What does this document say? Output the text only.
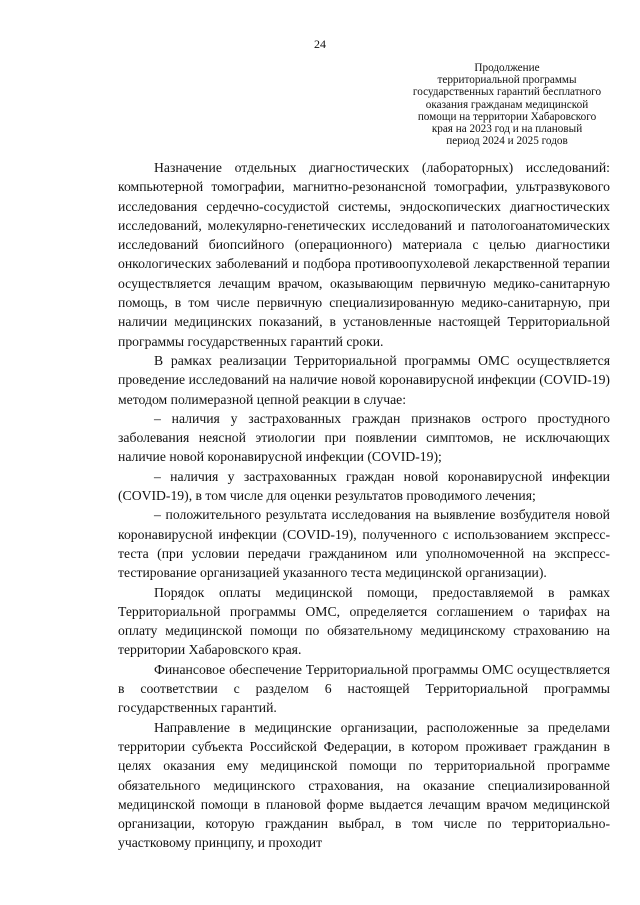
24
Продолжение
территориальной программы
государственных гарантий бесплатного
оказания гражданам медицинской
помощи на территории Хабаровского
края на 2023 год и на плановый
период 2024 и 2025 годов

Назначение отдельных диагностических (лабораторных) исследований: компьютерной томографии, магнитно-резонансной томографии, ультразвукового исследования сердечно-сосудистой системы, эндоскопических диагностических исследований, молекулярно-генетических исследований и патологоанатомических исследований биопсийного (операционного) материала с целью диагностики онкологических заболеваний и подбора противоопухолевой лекарственной терапии осуществляется лечащим врачом, оказывающим первичную медико-санитарную помощь, в том числе первичную специализированную медико-санитарную, при наличии медицинских показаний, в установленные настоящей Территориальной программы государственных гарантий сроки.

В рамках реализации Территориальной программы ОМС осуществляется проведение исследований на наличие новой коронавирусной инфекции (COVID-19) методом полимеразной цепной реакции в случае:

– наличия у застрахованных граждан признаков острого простудного заболевания неясной этиологии при появлении симптомов, не исключающих наличие новой коронавирусной инфекции (COVID-19);

– наличия у застрахованных граждан новой коронавирусной инфекции (COVID-19), в том числе для оценки результатов проводимого лечения;

– положительного результата исследования на выявление возбудителя новой коронавирусной инфекции (COVID-19), полученного с использованием экспресс-теста (при условии передачи гражданином или уполномоченной на экспресс-тестирование организацией указанного теста медицинской организации).

Порядок оплаты медицинской помощи, предоставляемой в рамках Территориальной программы ОМС, определяется соглашением о тарифах на оплату медицинской помощи по обязательному медицинскому страхованию на территории Хабаровского края.

Финансовое обеспечение Территориальной программы ОМС осуществляется в соответствии с разделом 6 настоящей Территориальной программы государственных гарантий.

Направление в медицинские организации, расположенные за пределами территории субъекта Российской Федерации, в котором проживает гражданин в целях оказания ему медицинской помощи по территориальной программе обязательного медицинского страхования, на оказание специализированной медицинской помощи в плановой форме выдается лечащим врачом медицинской организации, которую гражданин выбрал, в том числе по территориально-участковому принципу, и проходит
